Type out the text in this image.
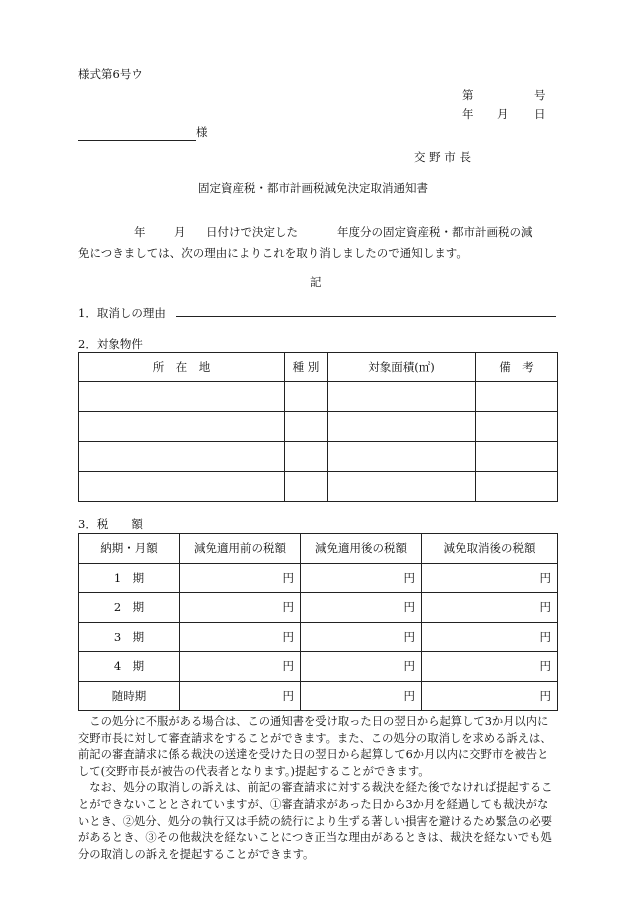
様式第6号ウ
第	号
年 月 日
様
交 野 市 長
固定資産税・都市計画税減免決定取消通知書
年 月 日付けで決定した	年度分の固定資産税・都市計画税の減
免につきましては、次の理由によりこれを取り消しましたので通知します。
記
1．取消しの理由
2．対象物件
所　在　地	種 別	対象面積(㎡)	備　考

3．税　　額
納期・月額	減免適用前の税額	減免適用後の税額	減免取消後の税額
1　期	円	円	円
2　期	円	円	円
3　期	円	円	円
4　期	円	円	円
随時期	円	円	円

この処分に不服がある場合は、この通知書を受け取った日の翌日から起算して3か月以内に交野市長に対して審査請求をすることができます。また、この処分の取消しを求める訴えは、前記の審査請求に係る裁決の送達を受けた日の翌日から起算して6か月以内に交野市を被告として(交野市長が被告の代表者となります。)提起することができます。

なお、処分の取消しの訴えは、前記の審査請求に対する裁決を経た後でなければ提起することができないこととされていますが、①審査請求があった日から3か月を経過しても裁決がないとき、②処分、処分の執行又は手続の続行により生ずる著しい損害を避けるため緊急の必要があるとき、③その他裁決を経ないことにつき正当な理由があるときは、裁決を経ないでも処分の取消しの訴えを提起することができます。
